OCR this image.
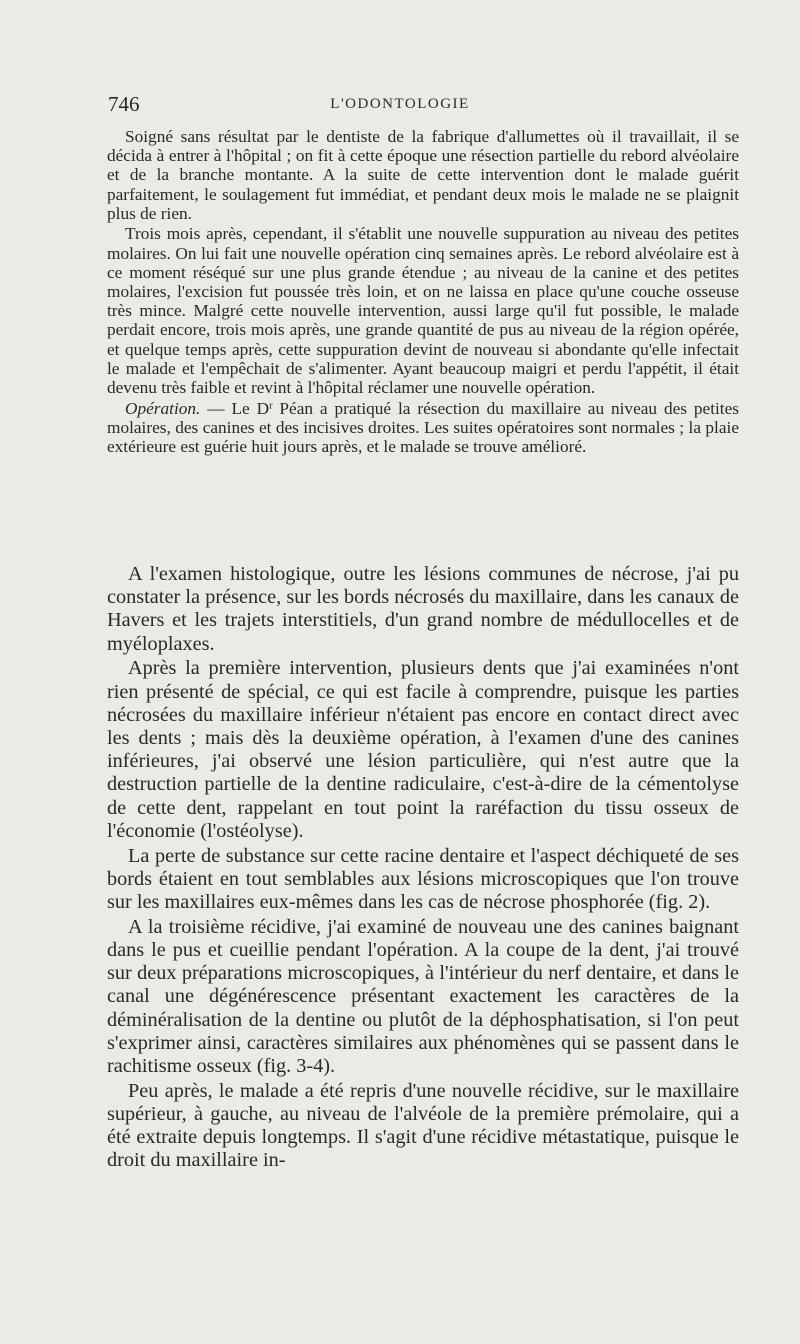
746	L'ODONTOLOGIE

Soigné sans résultat par le dentiste de la fabrique d'allumettes où il travaillait, il se décida à entrer à l'hôpital ; on fit à cette époque une résection partielle du rebord alvéolaire et de la branche montante. A la suite de cette intervention dont le malade guérit parfaitement, le soulagement fut immédiat, et pendant deux mois le malade ne se plaignit plus de rien.

Trois mois après, cependant, il s'établit une nouvelle suppuration au niveau des petites molaires. On lui fait une nouvelle opération cinq semaines après. Le rebord alvéolaire est à ce moment réséqué sur une plus grande étendue ; au niveau de la canine et des petites molaires, l'excision fut poussée très loin, et on ne laissa en place qu'une couche osseuse très mince. Malgré cette nouvelle intervention, aussi large qu'il fut possible, le malade perdait encore, trois mois après, une grande quantité de pus au niveau de la région opérée, et quelque temps après, cette suppuration devint de nouveau si abondante qu'elle infectait le malade et l'empêchait de s'alimenter. Ayant beaucoup maigri et perdu l'appétit, il était devenu très faible et revint à l'hôpital réclamer une nouvelle opération.

Opération. — Le $D^r$ Péan a pratiqué la résection du maxillaire au niveau des petites molaires, des canines et des incisives droites. Les suites opératoires sont normales ; la plaie extérieure est guérie huit jours après, et le malade se trouve amélioré.

A l'examen histologique, outre les lésions communes de nécrose, j'ai pu constater la présence, sur les bords nécrosés du maxillaire, dans les canaux de Havers et les trajets interstitiels, d'un grand nombre de médullocelles et de myéloplaxes.

Après la première intervention, plusieurs dents que j'ai examinées n'ont rien présenté de spécial, ce qui est facile à comprendre, puisque les parties nécrosées du maxillaire inférieur n'étaient pas encore en contact direct avec les dents ; mais dès la deuxième opération, à l'examen d'une des canines inférieures, j'ai observé une lésion particulière, qui n'est autre que la destruction partielle de la dentine radiculaire, c'est-à-dire de la cémentolyse de cette dent, rappelant en tout point la raréfaction du tissu osseux de l'économie (l'ostéolyse).

La perte de substance sur cette racine dentaire et l'aspect déchiqueté de ses bords étaient en tout semblables aux lésions microscopiques que l'on trouve sur les maxillaires eux-mêmes dans les cas de nécrose phosphorée (fig. 2).

A la troisième récidive, j'ai examiné de nouveau une des canines baignant dans le pus et cueillie pendant l'opération. A la coupe de la dent, j'ai trouvé sur deux préparations microscopiques, à l'intérieur du nerf dentaire, et dans le canal une dégénérescence présentant exactement les caractères de la déminéralisation de la dentine ou plutôt de la déphosphatisation, si l'on peut s'exprimer ainsi, caractères similaires aux phénomènes qui se passent dans le rachitisme osseux (fig. 3-4).

Peu après, le malade a été repris d'une nouvelle récidive, sur le maxillaire supérieur, à gauche, au niveau de l'alvéole de la première prémolaire, qui a été extraite depuis longtemps. Il s'agit d'une récidive métastatique, puisque le droit du maxillaire in-
